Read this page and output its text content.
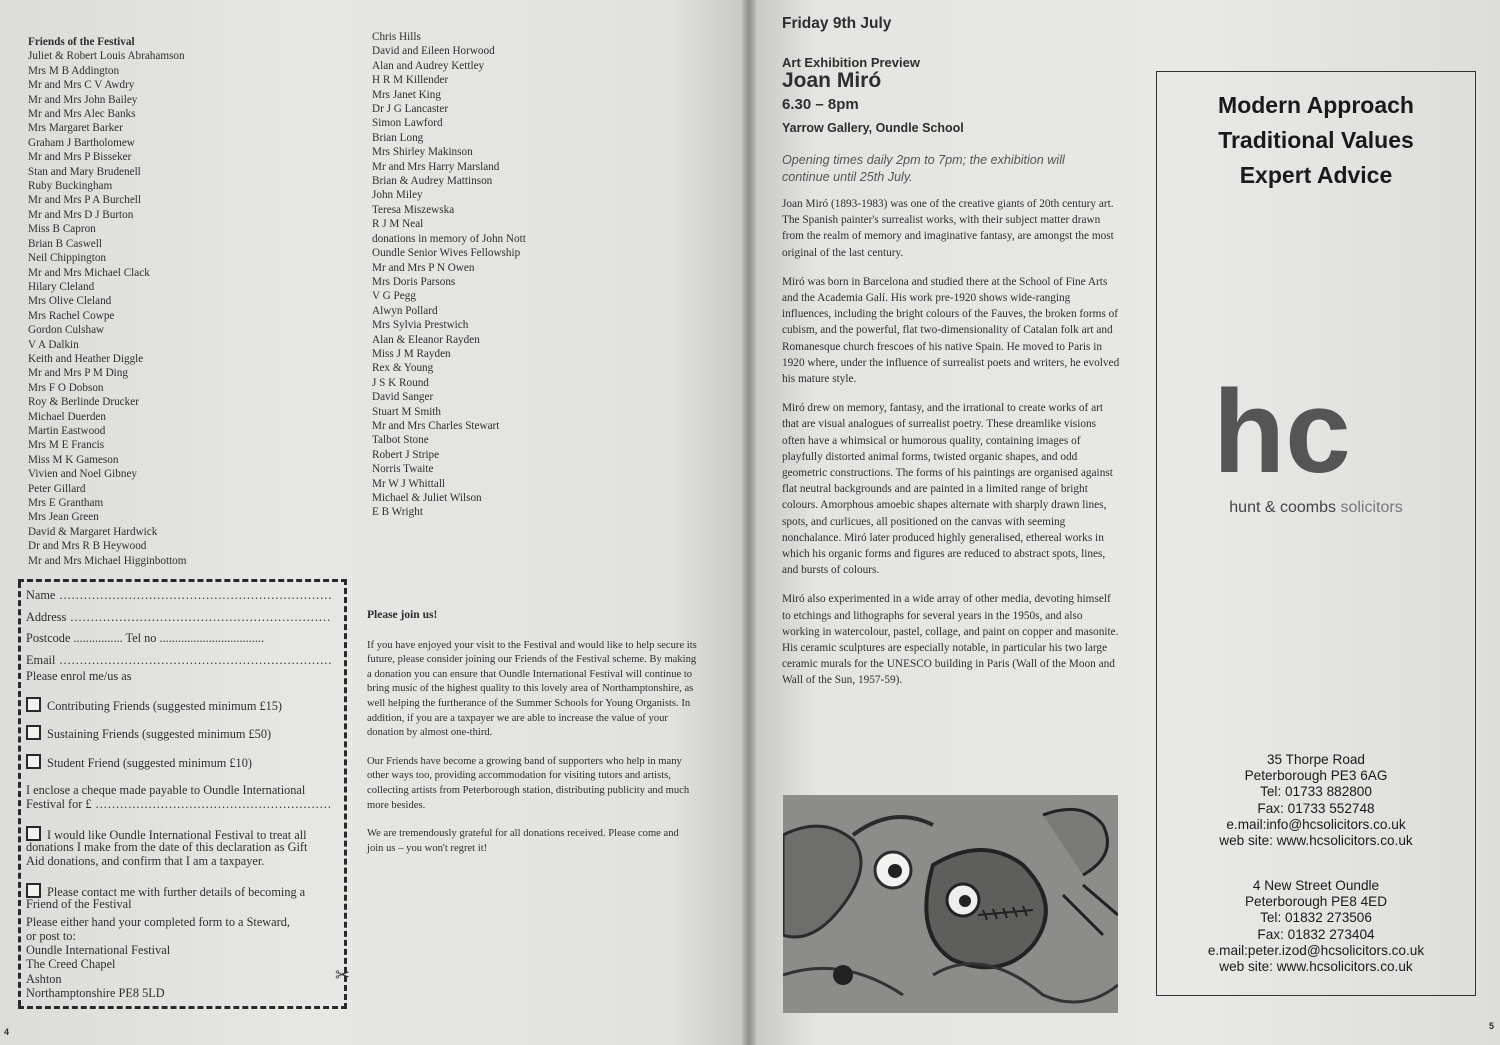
Friends of the Festival
Juliet & Robert Louis Abrahamson
Mrs M B Addington
Mr and Mrs C V Awdry
Mr and Mrs John Bailey
Mr and Mrs Alec Banks
Mrs Margaret Barker
Graham J Bartholomew
Mr and Mrs P Bisseker
Stan and Mary Brudenell
Ruby Buckingham
Mr and Mrs P A Burchell
Mr and Mrs D J Burton
Miss B Capron
Brian B Caswell
Neil Chippington
Mr and Mrs Michael Clack
Hilary Cleland
Mrs Olive Cleland
Mrs Rachel Cowpe
Gordon Culshaw
V A Dalkin
Keith and Heather Diggle
Mr and Mrs P M Ding
Mrs F O Dobson
Roy & Berlinde Drucker
Michael Duerden
Martin Eastwood
Mrs M E Francis
Miss M K Gameson
Vivien and Noel Gibney
Peter Gillard
Mrs E Grantham
Mrs Jean Green
David & Margaret Hardwick
Dr and Mrs R B Heywood
Mr and Mrs Michael Higginbottom
Chris Hills
David and Eileen Horwood
Alan and Audrey Kettley
H R M Killender
Mrs Janet King
Dr J G Lancaster
Simon Lawford
Brian Long
Mrs Shirley Makinson
Mr and Mrs Harry Marsland
Brian & Audrey Mattinson
John Miley
Teresa Miszewska
R J M Neal
donations in memory of John Nott
Oundle Senior Wives Fellowship
Mr and Mrs P N Owen
Mrs Doris Parsons
V G Pegg
Alwyn Pollard
Mrs Sylvia Prestwich
Alan & Eleanor Rayden
Miss J M Rayden
Rex & Young
J S K Round
David Sanger
Stuart M Smith
Mr and Mrs Charles Stewart
Talbot Stone
Robert J Stripe
Norris Twaite
Mr W J Whittall
Michael & Juliet Wilson
E B Wright
Name .....
Address .....
Postcode ................ Tel no ..................................
Email .....
Please enrol me/us as
Contributing Friends (suggested minimum £15)
Sustaining Friends (suggested minimum £50)
Student Friend (suggested minimum £10)
I enclose a cheque made payable to Oundle International
Festival for £ .....
I would like Oundle International Festival to treat all
donations I make from the date of this declaration as Gift
Aid donations, and confirm that I am a taxpayer.
Please contact me with further details of becoming a
Friend of the Festival
Please either hand your completed form to a Steward,
or post to:
Oundle International Festival
The Creed Chapel
Ashton
Northamptonshire PE8 5LD
✂
Please join us!

If you have enjoyed your visit to the Festival and would like to help secure its future, please consider joining our Friends of the Festival scheme. By making a donation you can ensure that Oundle International Festival will continue to bring music of the highest quality to this lovely area of Northamptonshire, as well helping the furtherance of the Summer Schools for Young Organists. In addition, if you are a taxpayer we are able to increase the value of your donation by almost one-third.

Our Friends have become a growing band of supporters who help in many other ways too, providing accommodation for visiting tutors and artists, collecting artists from Peterborough station, distributing publicity and much more besides.

We are tremendously grateful for all donations received. Please come and join us – you won't regret it!

4
Friday 9th July
Art Exhibition Preview
Joan Miró
6.30 – 8pm
Yarrow Gallery, Oundle School
Opening times daily 2pm to 7pm; the exhibition will continue until 25th July.

Joan Miró (1893-1983) was one of the creative giants of 20th century art. The Spanish painter's surrealist works, with their subject matter drawn from the realm of memory and imaginative fantasy, are amongst the most original of the last century.

Miró was born in Barcelona and studied there at the School of Fine Arts and the Academia Galí. His work pre-1920 shows wide-ranging influences, including the bright colours of the Fauves, the broken forms of cubism, and the powerful, flat two-dimensionality of Catalan folk art and Romanesque church frescoes of his native Spain. He moved to Paris in 1920 where, under the influence of surrealist poets and writers, he evolved his mature style.

Miró drew on memory, fantasy, and the irrational to create works of art that are visual analogues of surrealist poetry. These dreamlike visions often have a whimsical or humorous quality, containing images of playfully distorted animal forms, twisted organic shapes, and odd geometric constructions. The forms of his paintings are organised against flat neutral backgrounds and are painted in a limited range of bright colours. Amorphous amoebic shapes alternate with sharply drawn lines, spots, and curlicues, all positioned on the canvas with seeming nonchalance. Miró later produced highly generalised, ethereal works in which his organic forms and figures are reduced to abstract spots, lines, and bursts of colours.

Miró also experimented in a wide array of other media, devoting himself to etchings and lithographs for several years in the 1950s, and also working in watercolour, pastel, collage, and paint on copper and masonite. His ceramic sculptures are especially notable, in particular his two large ceramic murals for the UNESCO building in Paris (Wall of the Moon and Wall of the Sun, 1957-59).

Modern Approach
Traditional Values
Expert Advice
hc
hunt & coombs solicitors
35 Thorpe Road
Peterborough PE3 6AG
Tel: 01733 882800
Fax: 01733 552748
e.mail:info@hcsolicitors.co.uk
web site: www.hcsolicitors.co.uk
4 New Street Oundle
Peterborough PE8 4ED
Tel: 01832 273506
Fax: 01832 273404
e.mail:peter.izod@hcsolicitors.co.uk
web site: www.hcsolicitors.co.uk
5
